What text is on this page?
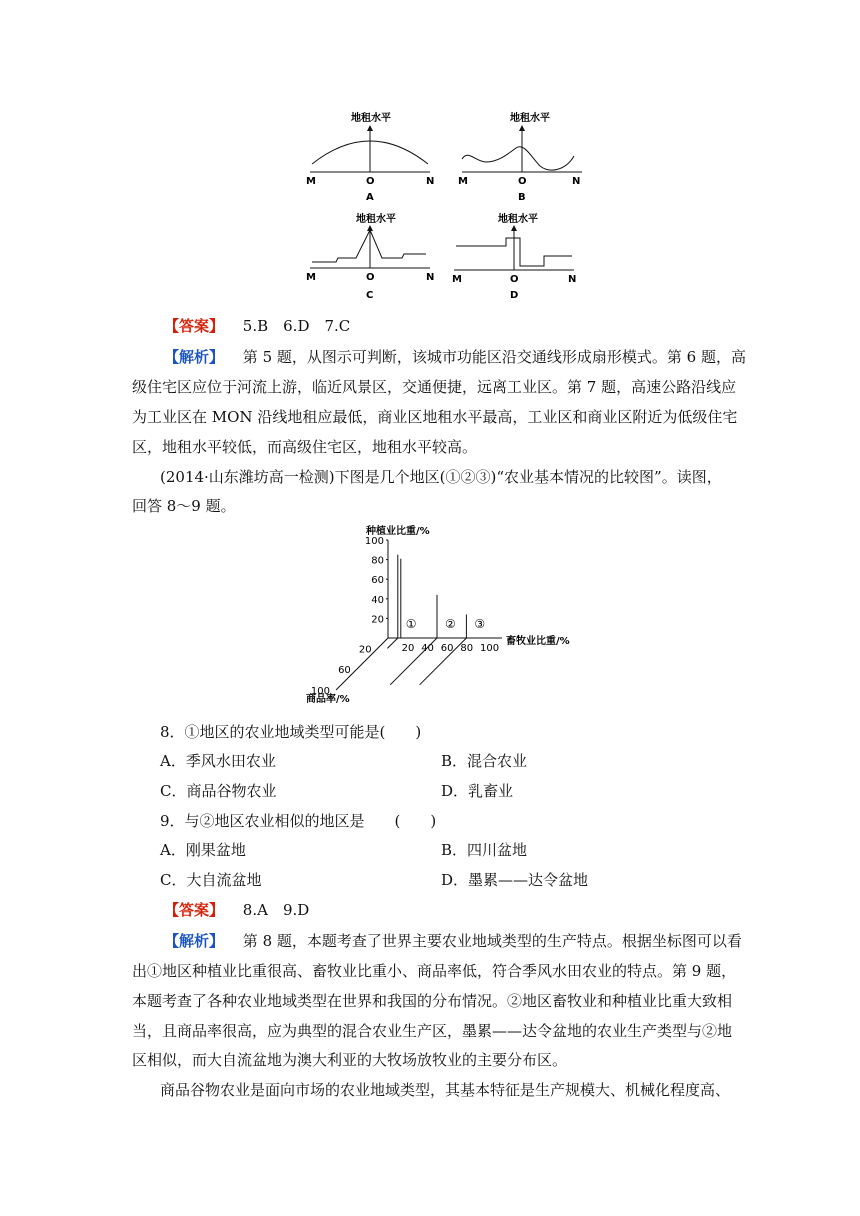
地租水平
M	O	N
A
地租水平
M	O	N
B
地租水平
M	O	N
C
地租水平
M	O	N
D
【答案】 5.B　6.D　7.C
【解析】 第 5 题，从图示可判断，该城市功能区沿交通线形成扇形模式。第 6 题，高
级住宅区应位于河流上游，临近风景区，交通便捷，远离工业区。第 7 题，高速公路沿线应
为工业区在 MON 沿线地租应最低，商业区地租水平最高，工业区和商业区附近为低级住宅
区，地租水平较低，而高级住宅区，地租水平较高。
(2014·山东潍坊高一检测)下图是几个地区(①②③)“农业基本情况的比较图”。读图，
回答 8～9 题。
种植业比重/%
畜牧业比重/%
商品率/%
100
80
60
40
20
20 40 60 80 100
20
60
100
① ② ③
8．①地区的农业地域类型可能是(　　)
A．季风水田农业	B．混合农业
C．商品谷物农业	D．乳畜业
9．与②地区农业相似的地区是　　(　　)
A．刚果盆地	B．四川盆地
C．大自流盆地	D．墨累——达令盆地
【答案】 8.A　9.D
【解析】 第 8 题，本题考查了世界主要农业地域类型的生产特点。根据坐标图可以看
出①地区种植业比重很高、畜牧业比重小、商品率低，符合季风水田农业的特点。第 9 题，
本题考查了各种农业地域类型在世界和我国的分布情况。②地区畜牧业和种植业比重大致相
当，且商品率很高，应为典型的混合农业生产区，墨累——达令盆地的农业生产类型与②地
区相似，而大自流盆地为澳大利亚的大牧场放牧业的主要分布区。
商品谷物农业是面向市场的农业地域类型，其基本特征是生产规模大、机械化程度高、
